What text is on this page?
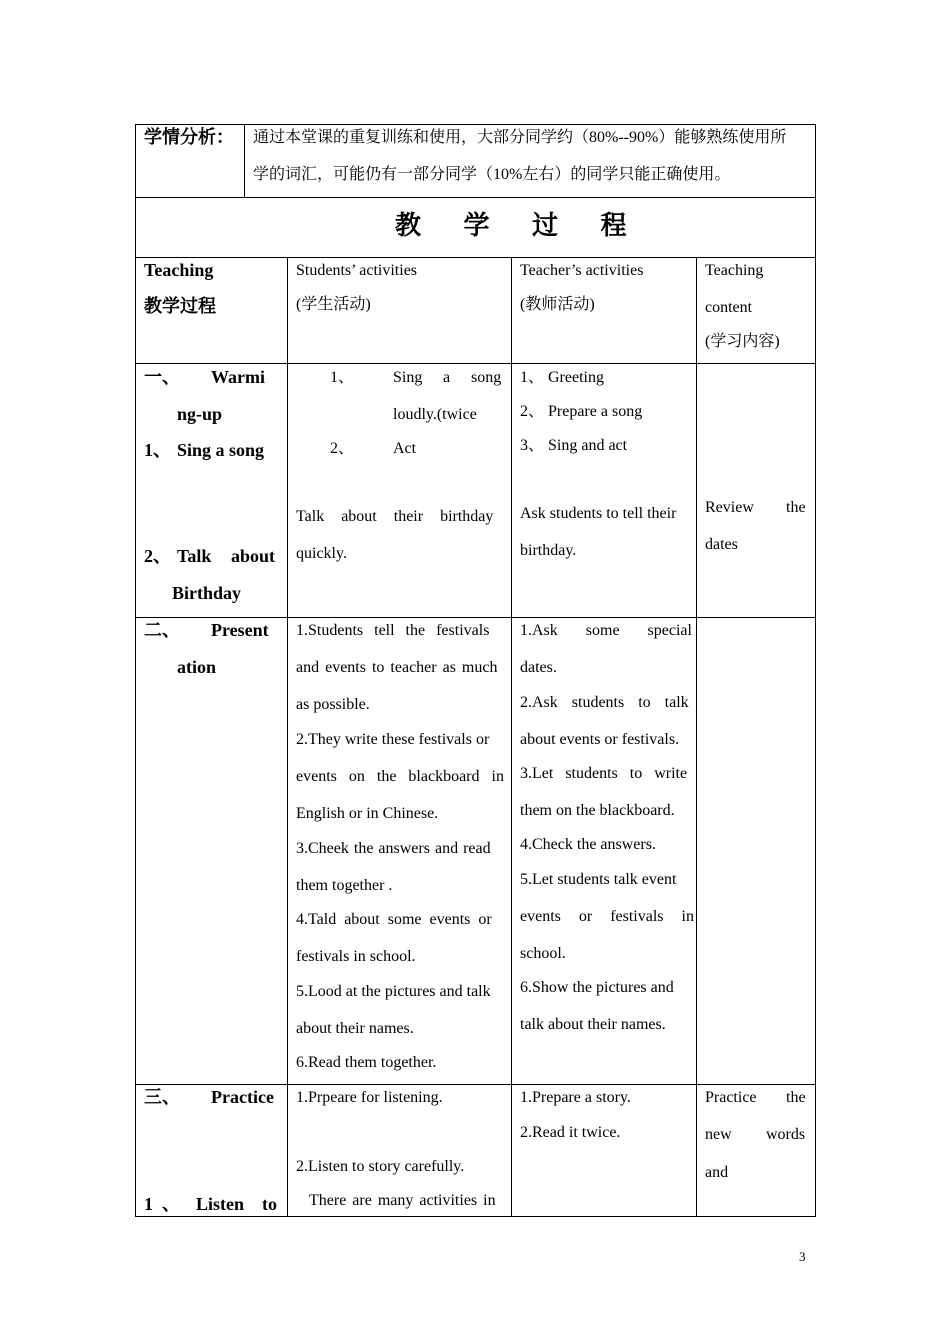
学情分析： 通过本堂课的重复训练和使用，大部分同学约（80%--90%）能够熟练使用所
学的词汇，可能仍有一部分同学（10%左右）的同学只能正确使用。
教 学 过 程
Teaching
教学过程
Students’ activities
(学生活动)
Teacher’s activities
(教师活动)
Teaching
content
(学习内容)
一、 Warmi
ng-up
1、 Sing a song
2、 Talk about
Birthday
1、 Sing a song
loudly.(twice
2、 Act
Talk about their birthday
quickly.
1、 Greeting
2、 Prepare a song
3、 Sing and act
Ask students to tell their
birthday.
Review the
dates
二、 Present
ation
1.Students tell the festivals
and events to teacher as much
as possible.
2.They write these festivals or
events on the blackboard in
English or in Chinese.
3.Cheek the answers and read
them together .
4.Tald about some events or
festivals in school.
5.Lood at the pictures and talk
about their names.
6.Read them together.
1.Ask some special
dates.
2.Ask students to talk
about events or festivals.
3.Let students to write
them on the blackboard.
4.Check the answers.
5.Let students talk event
events or festivals in
school.
6.Show the pictures and
talk about their names.
三、 Practice
1 、 Listen to
1.Prpeare for listening.
2.Listen to story carefully.
There are many activities in
1.Prepare a story.
2.Read it twice.
Practice the
new words
and
3
